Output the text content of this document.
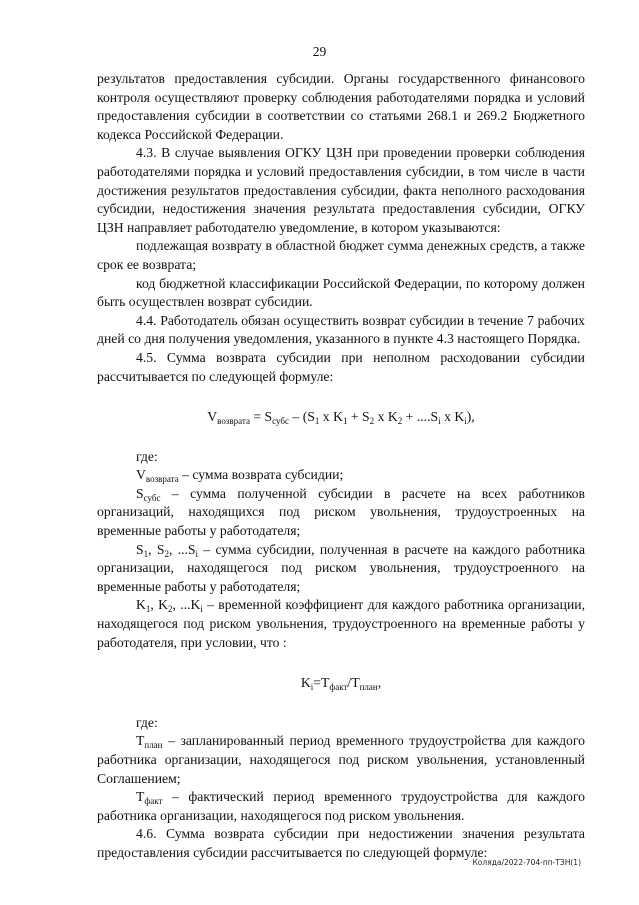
29

результатов предоставления субсидии. Органы государственного финансового контроля осуществляют проверку соблюдения работодателями порядка и условий предоставления субсидии в соответствии со статьями 268.1 и 269.2 Бюджетного кодекса Российской Федерации.

4.3. В случае выявления ОГКУ ЦЗН при проведении проверки соблюдения работодателями порядка и условий предоставления субсидии, в том числе в части достижения результатов предоставления субсидии, факта неполного расходования субсидии, недостижения значения результата предоставления субсидии, ОГКУ ЦЗН направляет работодателю уведомление, в котором указываются:

подлежащая возврату в областной бюджет сумма денежных средств, а также срок ее возврата;

код бюджетной классификации Российской Федерации, по которому должен быть осуществлен возврат субсидии.

4.4. Работодатель обязан осуществить возврат субсидии в течение 7 рабочих дней со дня получения уведомления, указанного в пункте 4.3 настоящего Порядка.

4.5. Сумма возврата субсидии при неполном расходовании субсидии рассчитывается по следующей формуле:

$V_{возврата} = S_{субс} - (S_1$ х $K_1 + S_2$ х $K_2 + ....S_i$ х $K_i$),

где:

$V_{возврата}$ – сумма возврата субсидии;

$S_{субс}$ – сумма полученной субсидии в расчете на всех работников организаций, находящихся под риском увольнения, трудоустроенных на временные работы у работодателя;

$S_1$, $S_2$, $...S_i$ – сумма субсидии, полученная в расчете на каждого работника организации, находящегося под риском увольнения, трудоустроенного на временные работы у работодателя;

$K_1$, $K_2$, $...K_i$ – временной коэффициент для каждого работника организации, находящегося под риском увольнения, трудоустроенного на временные работы у работодателя, при условии, что :

$K_i=T_{факт}/T_{план}$,

где:

$T_{план}$ – запланированный период временного трудоустройства для каждого работника организации, находящегося под риском увольнения, установленный Соглашением;

$T_{факт}$ – фактический период временного трудоустройства для каждого работника организации, находящегося под риском увольнения.

4.6. Сумма возврата субсидии при недостижении значения результата предоставления субсидии рассчитывается по следующей формуле:

Коляда/2022-704-пп-ТЗН(1)
